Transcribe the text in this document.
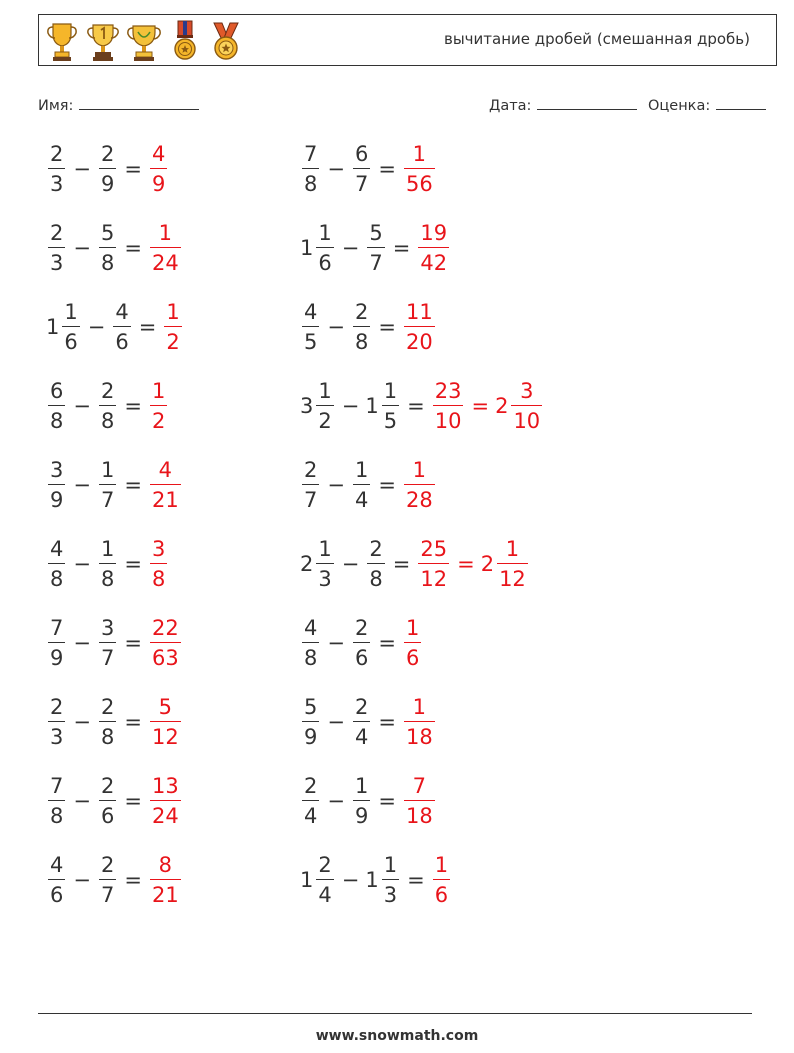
вычитание дробей (смешанная дробь)
Имя:	Дата:	Оценка:
$\frac{2}{3} - \frac{2}{9} = \frac{4}{9}$
$\frac{2}{3} - \frac{5}{8} = \frac{1}{24}$
$1 \frac{1}{6} - \frac{4}{6} = \frac{1}{2}$
$\frac{6}{8} - \frac{2}{8} = \frac{1}{2}$
$\frac{3}{9} - \frac{1}{7} = \frac{4}{21}$
$\frac{4}{8} - \frac{1}{8} = \frac{3}{8}$
$\frac{7}{9} - \frac{3}{7} = \frac{22}{63}$
$\frac{2}{3} - \frac{2}{8} = \frac{5}{12}$
$\frac{7}{8} - \frac{2}{6} = \frac{13}{24}$
$\frac{4}{6} - \frac{2}{7} = \frac{8}{21}$
$\frac{7}{8} - \frac{6}{7} = \frac{1}{56}$
$1 \frac{1}{6} - \frac{5}{7} = \frac{19}{42}$
$\frac{4}{5} - \frac{2}{8} = \frac{11}{20}$
$3 \frac{1}{2} - 1 \frac{1}{5} = \frac{23}{10} = 2 \frac{3}{10}$
$\frac{2}{7} - \frac{1}{4} = \frac{1}{28}$
$2 \frac{1}{3} - \frac{2}{8} = \frac{25}{12} = 2 \frac{1}{12}$
$\frac{4}{8} - \frac{2}{6} = \frac{1}{6}$
$\frac{5}{9} - \frac{2}{4} = \frac{1}{18}$
$\frac{2}{4} - \frac{1}{9} = \frac{7}{18}$
$1 \frac{2}{4} - 1 \frac{1}{3} = \frac{1}{6}$
www.snowmath.com
